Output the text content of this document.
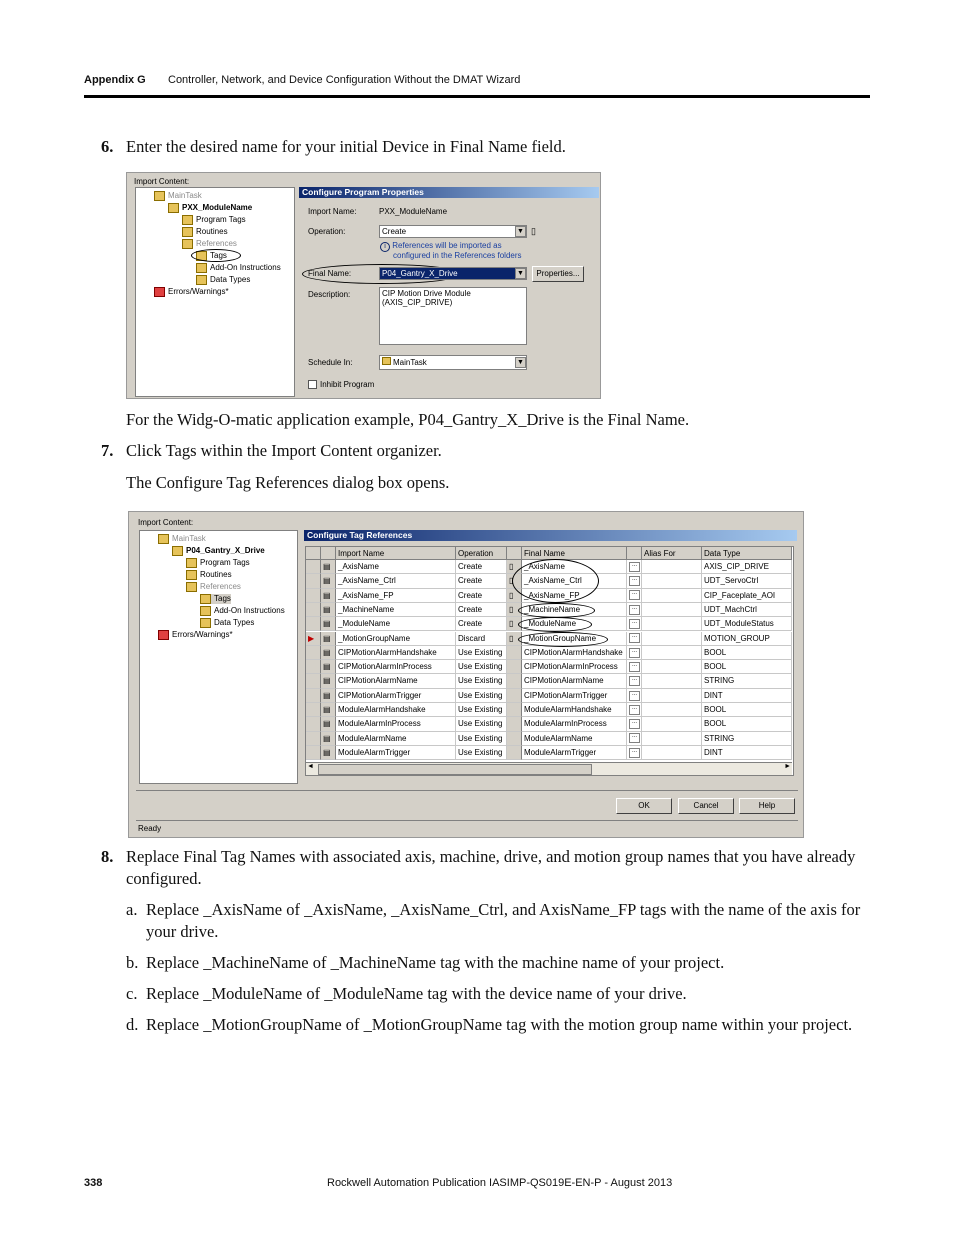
Appendix G Controller, Network, and Device Configuration Without the DMAT Wizard
6. Enter the desired name for your initial Device in Final Name field.
Import Content:
MainTask
PXX_ModuleName
Program Tags
Routines
References
Tags
Add-On Instructions
Data Types
Errors/Warnings*
Configure Program Properties
Import Name:	PXX_ModuleName
Operation:	Create	▼ ▯
i References will be imported as
configured in the References folders
Final Name:	P04_Gantry_X_Drive	▼	Properties...
Description:	CIP Motion Drive Module
(AXIS_CIP_DRIVE)
Schedule In:	MainTask	▼
Inhibit Program
For the Widg-O-matic application example, P04_Gantry_X_Drive is the Final Name.
7. Click Tags within the Import Content organizer.
The Configure Tag References dialog box opens.
Import Content:
MainTask
P04_Gantry_X_Drive
Program Tags
Routines
References
Tags
Add-On Instructions
Data Types
Errors/Warnings*
Configure Tag References
Import Name	Operation	Final Name	Alias For	Data Type
▤ _AxisName	Create	▯	_AxisName	...	AXIS_CIP_DRIVE
▤ _AxisName_Ctrl	Create	▯	_AxisName_Ctrl	...	UDT_ServoCtrl
▤ _AxisName_FP	Create	▯	_AxisName_FP	...	CIP_Faceplate_AOI
▤ _MachineName	Create	▯	_MachineName	...	UDT_MachCtrl
▤ _ModuleName	Create	▯	_ModuleName	...	UDT_ModuleStatus
▶	▤ _MotionGroupName	Discard	▯	_MotionGroupName	...	MOTION_GROUP
▤ CIPMotionAlarmHandshake	Use Existing	CIPMotionAlarmHandshake	...	BOOL
▤ CIPMotionAlarmInProcess	Use Existing	CIPMotionAlarmInProcess	...	BOOL
▤ CIPMotionAlarmName	Use Existing	CIPMotionAlarmName	...	STRING
▤ CIPMotionAlarmTrigger	Use Existing	CIPMotionAlarmTrigger	...	DINT
▤ ModuleAlarmHandshake	Use Existing	ModuleAlarmHandshake	...	BOOL
▤ ModuleAlarmInProcess	Use Existing	ModuleAlarmInProcess	...	BOOL
▤ ModuleAlarmName	Use Existing	ModuleAlarmName	...	STRING
▤ ModuleAlarmTrigger	Use Existing	ModuleAlarmTrigger	...	DINT
◄	►
OK	Cancel	Help
Ready
8. Replace Final Tag Names with associated axis, machine, drive, and motion group names that you have already configured.
a. Replace _AxisName of _AxisName, _AxisName_Ctrl, and AxisName_FP tags with the name of the axis for your drive.
b. Replace _MachineName of _MachineName tag with the machine name of your project.
c. Replace _ModuleName of _ModuleName tag with the device name of your drive.
d. Replace _MotionGroupName of _MotionGroupName tag with the motion group name within your project.
338	Rockwell Automation Publication IASIMP-QS019E-EN-P - August 2013
